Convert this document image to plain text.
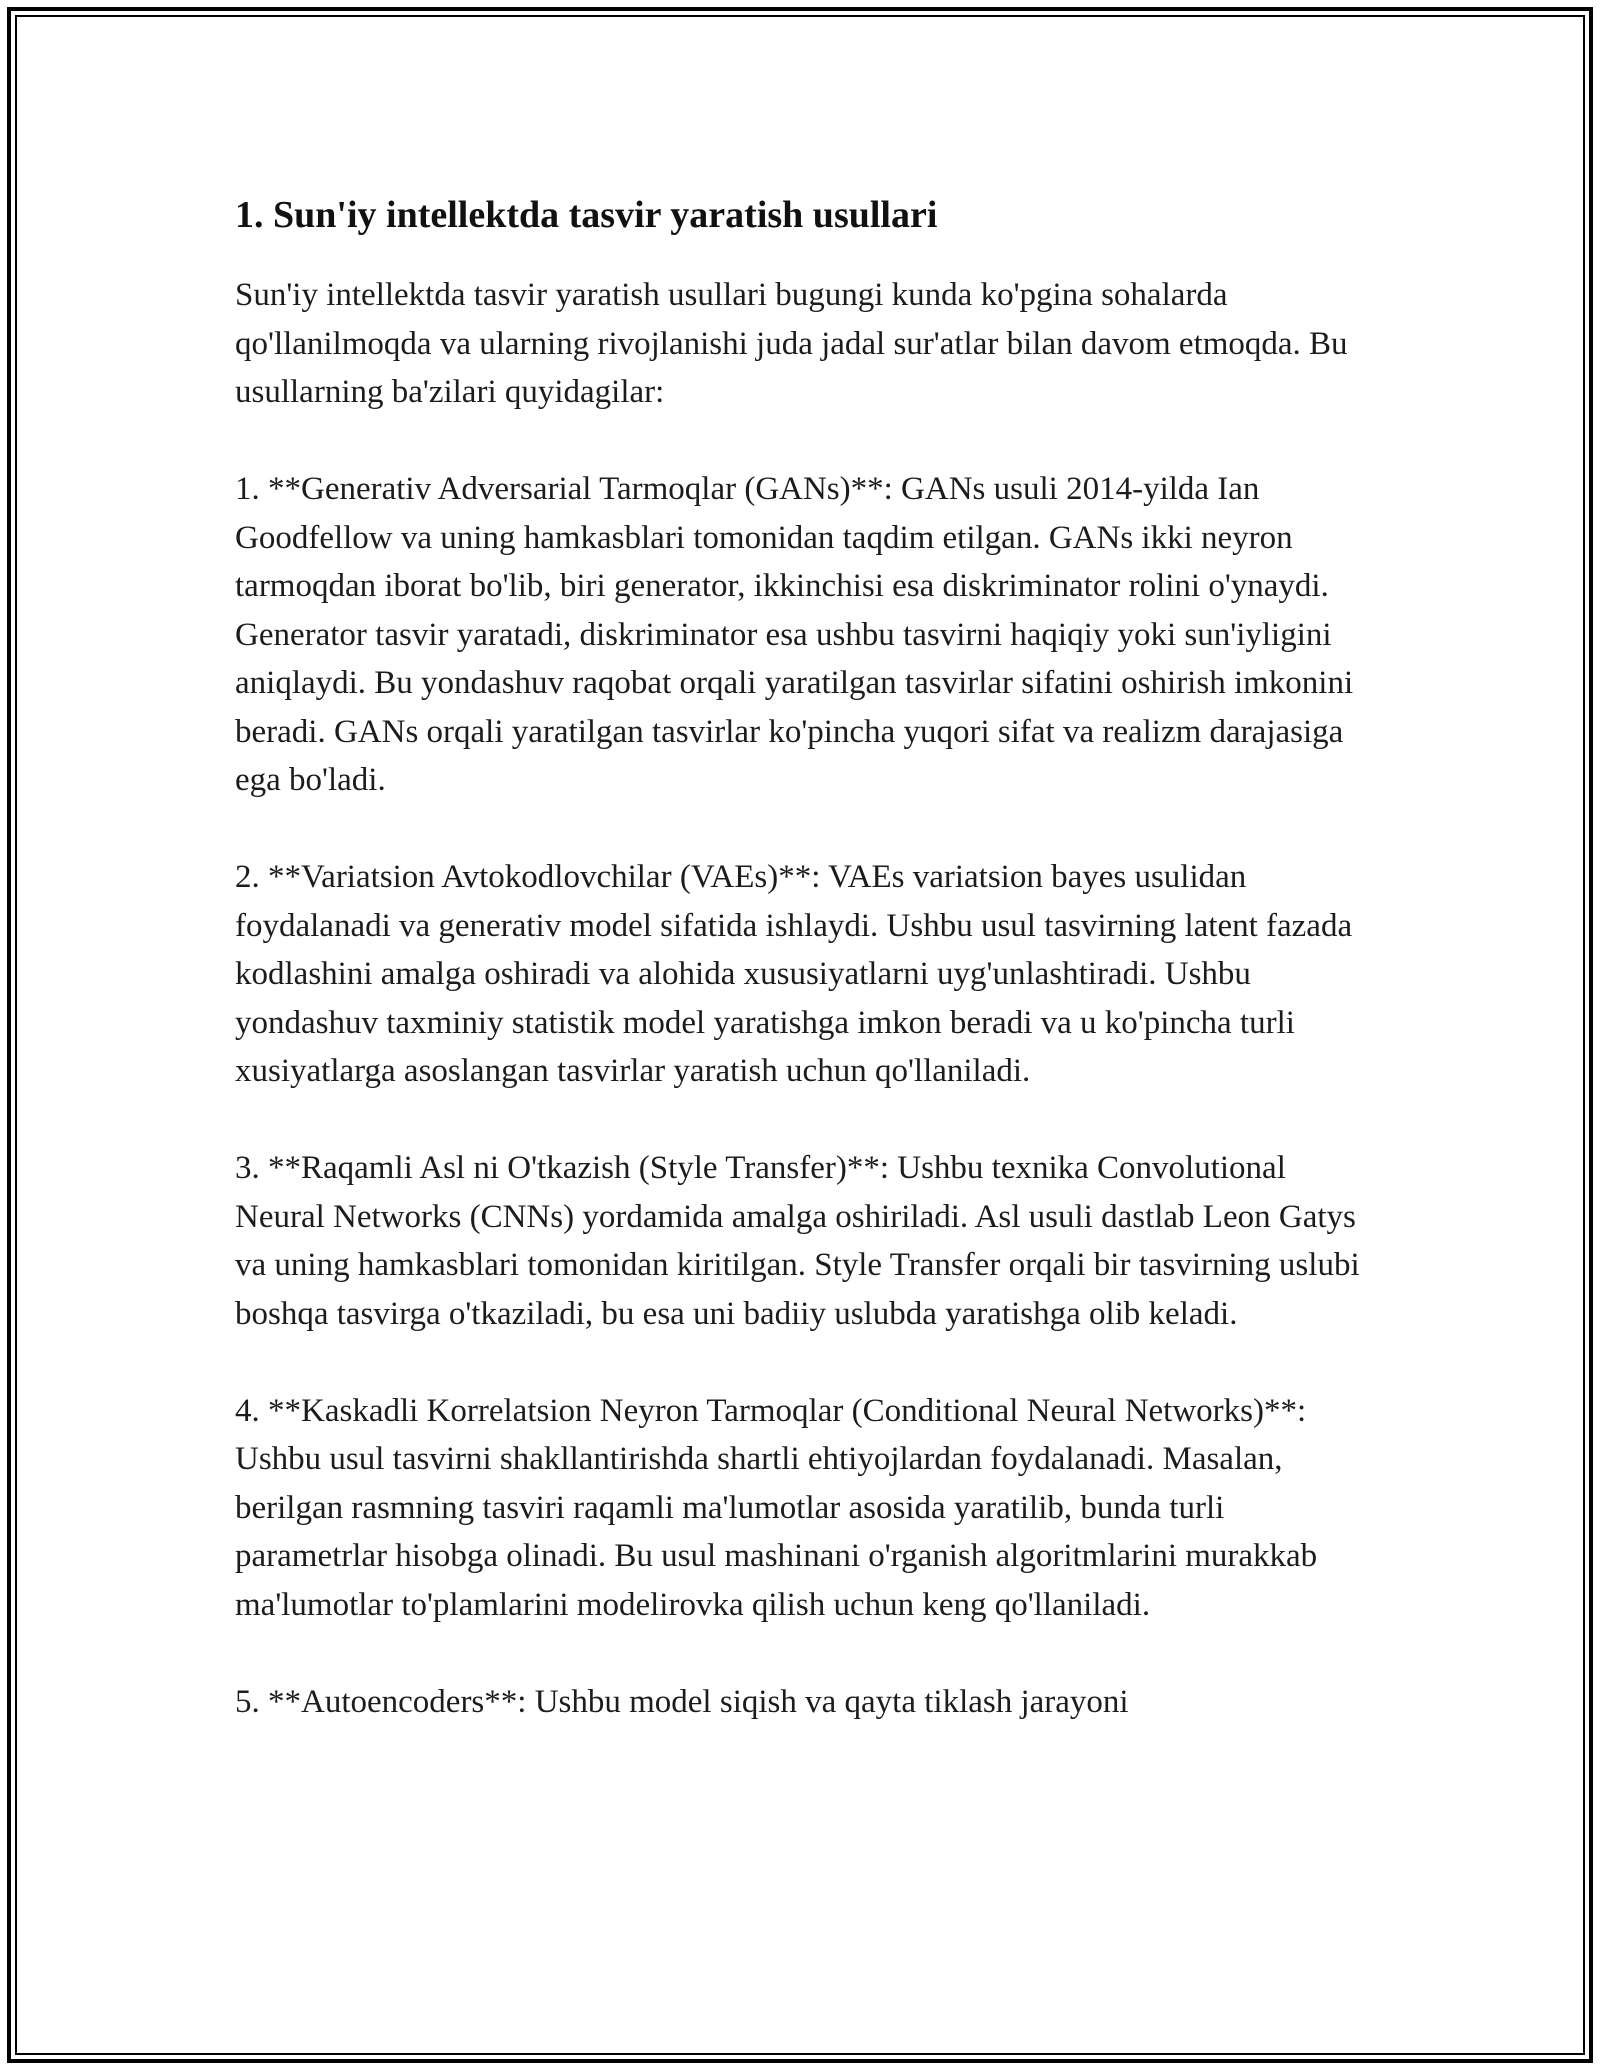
1. Sun'iy intellektda tasvir yaratish usullari

Sun'iy intellektda tasvir yaratish usullari bugungi kunda ko'pgina sohalarda qo'llanilmoqda va ularning rivojlanishi juda jadal sur'atlar bilan davom etmoqda. Bu usullarning ba'zilari quyidagilar:

1. **Generativ Adversarial Tarmoqlar (GANs)**: GANs usuli 2014-yilda Ian Goodfellow va uning hamkasblari tomonidan taqdim etilgan. GANs ikki neyron tarmoqdan iborat bo'lib, biri generator, ikkinchisi esa diskriminator rolini o'ynaydi. Generator tasvir yaratadi, diskriminator esa ushbu tasvirni haqiqiy yoki sun'iyligini aniqlaydi. Bu yondashuv raqobat orqali yaratilgan tasvirlar sifatini oshirish imkonini beradi. GANs orqali yaratilgan tasvirlar ko'pincha yuqori sifat va realizm darajasiga ega bo'ladi.

2. **Variatsion Avtokodlovchilar (VAEs)**: VAEs variatsion bayes usulidan foydalanadi va generativ model sifatida ishlaydi. Ushbu usul tasvirning latent fazada kodlashini amalga oshiradi va alohida xususiyatlarni uyg'unlashtiradi. Ushbu yondashuv taxminiy statistik model yaratishga imkon beradi va u ko'pincha turli xusiyatlarga asoslangan tasvirlar yaratish uchun qo'llaniladi.

3. **Raqamli Asl ni O'tkazish (Style Transfer)**: Ushbu texnika Convolutional Neural Networks (CNNs) yordamida amalga oshiriladi. Asl usuli dastlab Leon Gatys va uning hamkasblari tomonidan kiritilgan. Style Transfer orqali bir tasvirning uslubi boshqa tasvirga o'tkaziladi, bu esa uni badiiy uslubda yaratishga olib keladi.

4. **Kaskadli Korrelatsion Neyron Tarmoqlar (Conditional Neural Networks)**: Ushbu usul tasvirni shakllantirishda shartli ehtiyojlardan foydalanadi. Masalan, berilgan rasmning tasviri raqamli ma'lumotlar asosida yaratilib, bunda turli parametrlar hisobga olinadi. Bu usul mashinani o'rganish algoritmlarini murakkab ma'lumotlar to'plamlarini modelirovka qilish uchun keng qo'llaniladi.

5. **Autoencoders**: Ushbu model siqish va qayta tiklash jarayoni
